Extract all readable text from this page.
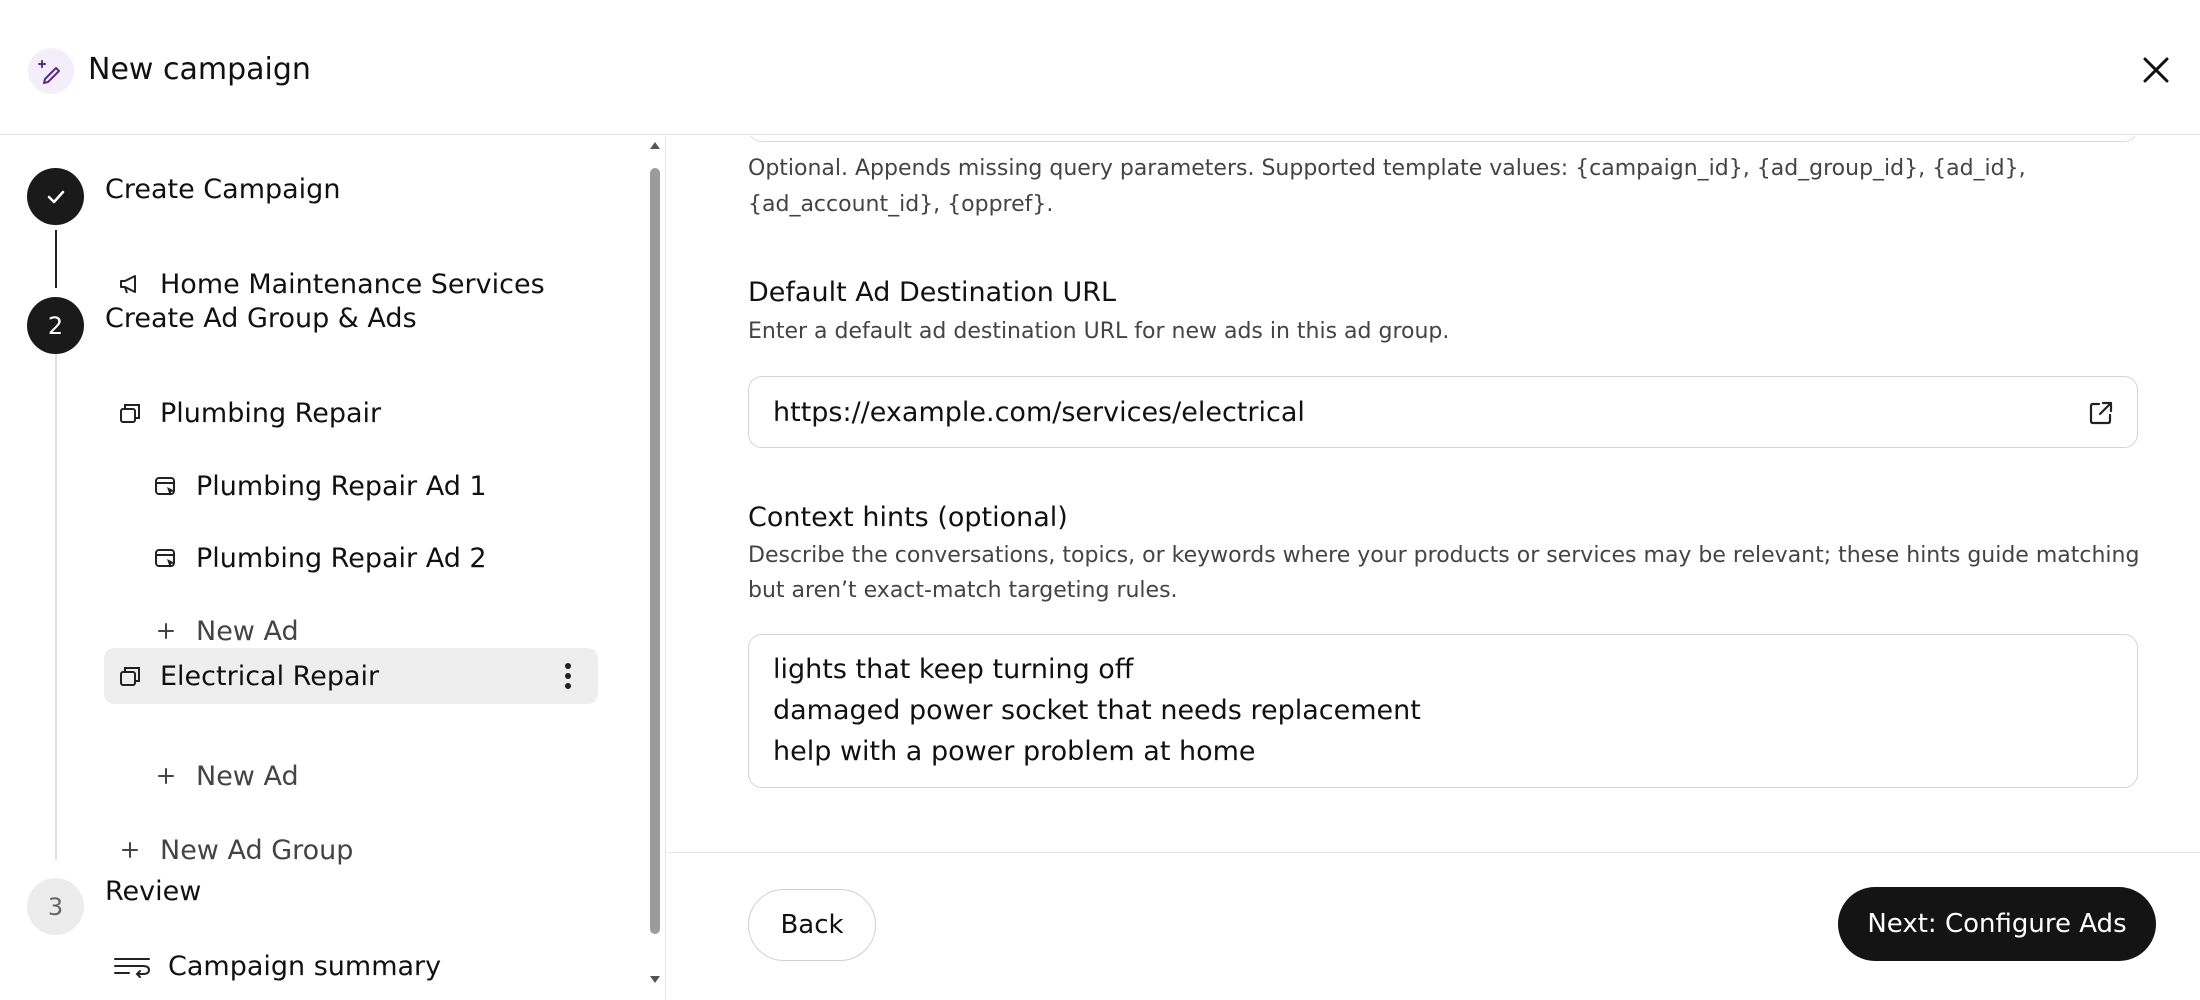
New campaign
Create Campaign
Home Maintenance Services
2	Create Ad Group & Ads
Plumbing Repair
Plumbing Repair Ad 1
Plumbing Repair Ad 2
New Ad
Electrical Repair
New Ad
New Ad Group
3	Review
Campaign summary
Optional. Appends missing query parameters. Supported template values: {campaign_id}, {ad_group_id}, {ad_id},
{ad_account_id}, {oppref}.
Default Ad Destination URL
Enter a default ad destination URL for new ads in this ad group.
https://example.com/services/electrical
Context hints (optional)
Describe the conversations, topics, or keywords where your products or services may be relevant; these hints guide matching
but aren’t exact-match targeting rules.
lights that keep turning off
damaged power socket that needs replacement
help with a power problem at home
Back	Next: Configure Ads
